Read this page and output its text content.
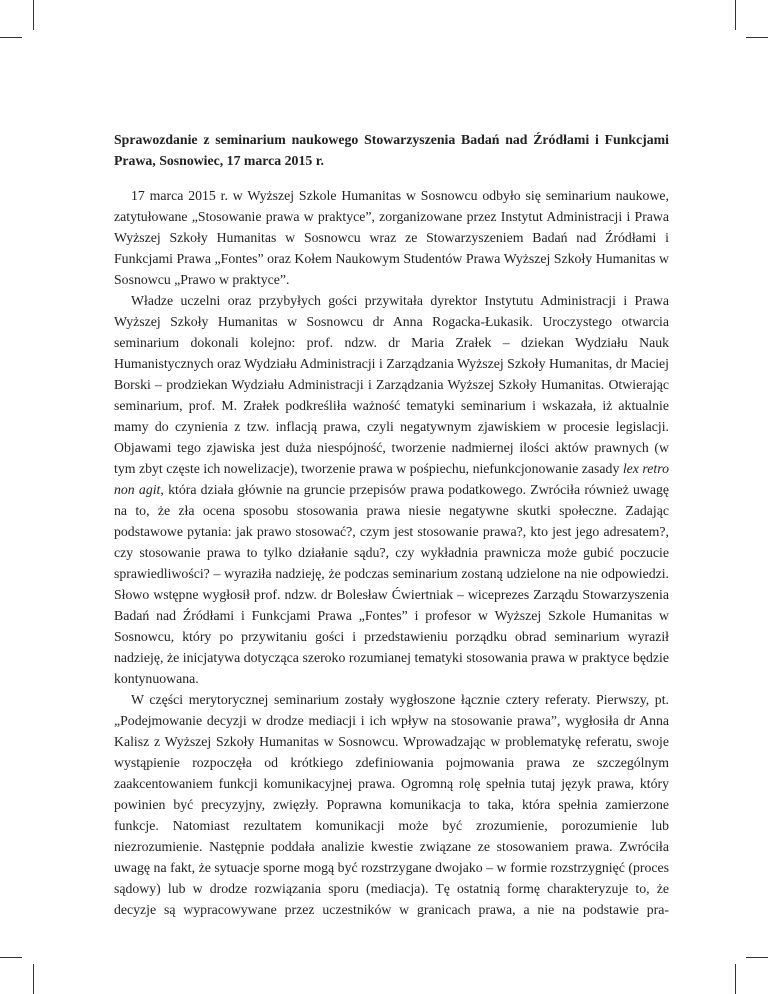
Sprawozdanie z seminarium naukowego Stowarzyszenia Badań nad Źródłami i Funkcjami Prawa, Sosnowiec, 17 marca 2015 r.

17 marca 2015 r. w Wyższej Szkole Humanitas w Sosnowcu odbyło się seminarium naukowe, zatytułowane „Stosowanie prawa w praktyce”, zorganizowane przez Instytut Administracji i Prawa Wyższej Szkoły Humanitas w Sosnowcu wraz ze Stowarzyszeniem Badań nad Źródłami i Funkcjami Prawa „Fontes” oraz Kołem Naukowym Studentów Prawa Wyższej Szkoły Humanitas w Sosnowcu „Prawo w praktyce”.

Władze uczelni oraz przybyłych gości przywitała dyrektor Instytutu Administracji i Prawa Wyższej Szkoły Humanitas w Sosnowcu dr Anna Rogacka-Łukasik. Uroczystego otwarcia seminarium dokonali kolejno: prof. ndzw. dr Maria Zrałek – dziekan Wydziału Nauk Humanistycznych oraz Wydziału Administracji i Zarządzania Wyższej Szkoły Humanitas, dr Maciej Borski – prodziekan Wydziału Administracji i Zarządzania Wyższej Szkoły Humanitas. Otwierając seminarium, prof. M. Zrałek podkreśliła ważność tematyki seminarium i wskazała, iż aktualnie mamy do czynienia z tzw. inflacją prawa, czyli negatywnym zjawiskiem w procesie legislacji. Objawami tego zjawiska jest duża niespójność, tworzenie nadmiernej ilości aktów prawnych (w tym zbyt częste ich nowelizacje), tworzenie prawa w pośpiechu, niefunkcjonowanie zasady lex retro non agit, która działa głównie na gruncie przepisów prawa podatkowego. Zwróciła również uwagę na to, że zła ocena sposobu stosowania prawa niesie negatywne skutki społeczne. Zadając podstawowe pytania: jak prawo stosować?, czym jest stosowanie prawa?, kto jest jego adresatem?, czy stosowanie prawa to tylko działanie sądu?, czy wykładnia prawnicza może gubić poczucie sprawiedliwości? – wyraziła nadzieję, że podczas seminarium zostaną udzielone na nie odpowiedzi. Słowo wstępne wygłosił prof. ndzw. dr Bolesław Ćwiertniak – wiceprezes Zarządu Stowarzyszenia Badań nad Źródłami i Funkcjami Prawa „Fontes” i profesor w Wyższej Szkole Humanitas w Sosnowcu, który po przywitaniu gości i przedstawieniu porządku obrad seminarium wyraził nadzieję, że inicjatywa dotycząca szeroko rozumianej tematyki stosowania prawa w praktyce będzie kontynuowana.

W części merytorycznej seminarium zostały wygłoszone łącznie cztery referaty. Pierwszy, pt. „Podejmowanie decyzji w drodze mediacji i ich wpływ na stosowanie prawa”, wygłosiła dr Anna Kalisz z Wyższej Szkoły Humanitas w Sosnowcu. Wprowadzając w problematykę referatu, swoje wystąpienie rozpoczęła od krótkiego zdefiniowania pojmowania prawa ze szczególnym zaakcentowaniem funkcji komunikacyjnej prawa. Ogromną rolę spełnia tutaj język prawa, który powinien być precyzyjny, zwięzły. Poprawna komunikacja to taka, która spełnia zamierzone funkcje. Natomiast rezultatem komunikacji może być zrozumienie, porozumienie lub niezrozumienie. Następnie poddała analizie kwestie związane ze stosowaniem prawa. Zwróciła uwagę na fakt, że sytuacje sporne mogą być rozstrzygane dwojako – w formie rozstrzygnięć (proces sądowy) lub w drodze rozwiązania sporu (mediacja). Tę ostatnią formę charakteryzuje to, że decyzje są wypracowywane przez uczestników w granicach prawa, a nie na podstawie pra-
